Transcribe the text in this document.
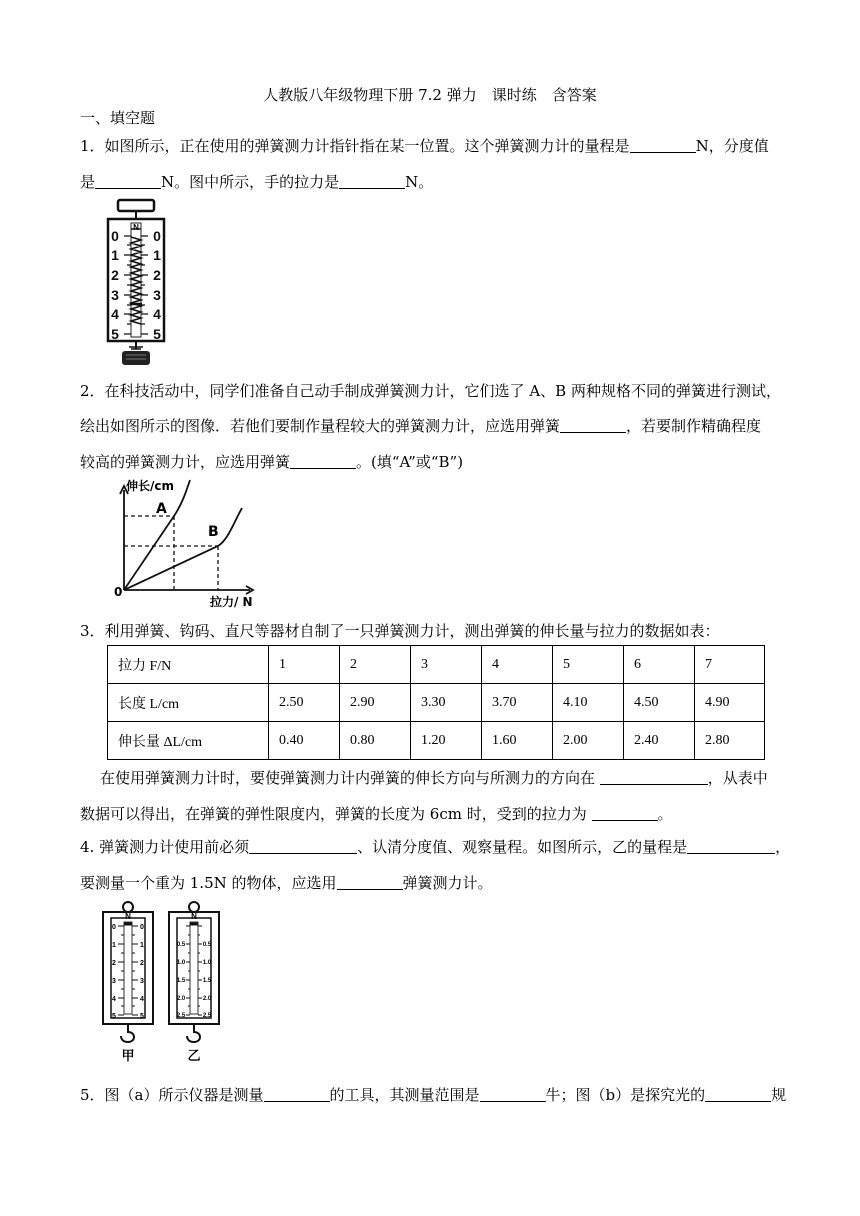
人教版八年级物理下册 7.2 弹力　课时练　含答案
一、填空题
1．如图所示，正在使用的弹簧测力计指针指在某一位置。这个弹簧测力计的量程是	N，分度值
是	N。图中所示，手的拉力是	N。
N
0
1
2
3
4
5
0
1
2
3
4
5
2．在科技活动中，同学们准备自己动手制成弹簧测力计，它们选了 A、B 两种规格不同的弹簧进行测试，
绘出如图所示的图像．若他们要制作量程较大的弹簧测力计，应选用弹簧	，若要制作精确程度
较高的弹簧测力计，应选用弹簧	。(填“A”或“B”)
伸长/cm
拉力/ N
0
A
B
3．利用弹簧、钩码、直尺等器材自制了一只弹簧测力计，测出弹簧的伸长量与拉力的数据如表：
拉力 F/N	1	2	3	4	5	6	7
长度 L/cm	2.50	2.90	3.30	3.70	4.10	4.50	4.90
伸长量 ΔL/cm	0.40	0.80	1.20	1.60	2.00	2.40	2.80
在使用弹簧测力计时，要使弹簧测力计内弹簧的伸长方向与所测力的方向在	，从表中
数据可以得出，在弹簧的弹性限度内，弹簧的长度为 6cm 时，受到的拉力为	。
4. 弹簧测力计使用前必须	、认清分度值、观察量程。如图所示，乙的量程是	，
要测量一个重为 1.5N 的物体，应选用	弹簧测力计。
N
0
1
2
3
4
5
0
1
2
3
4
5
甲
N
0.5
1.0
1.5
2.0
2.5
0.5
1.0
1.5
2.0
2.5
乙
5．图（a）所示仪器是测量	的工具，其测量范围是	牛；图（b）是探究光的	规
